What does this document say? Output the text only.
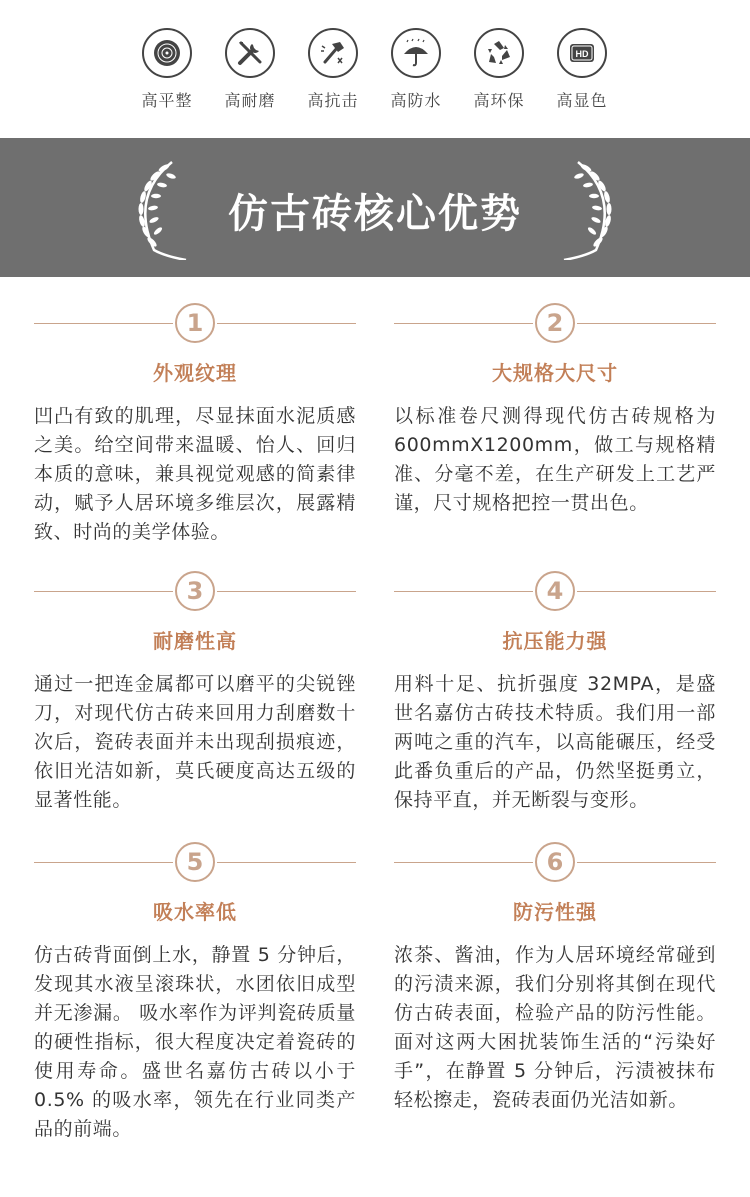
高平整	高耐磨	高抗击	高防水	高环保
HD
高显色
仿古砖核心优势
1
外观纹理
凹凸有致的肌理，尽显抹面水泥质感之美。给空间带来温暖、怡人、回归本质的意味，兼具视觉观感的简素律动，赋予人居环境多维层次，展露精致、时尚的美学体验。
2
大规格大尺寸
以标准卷尺测得现代仿古砖规格为600mmX1200mm，做工与规格精准、分毫不差，在生产研发上工艺严谨，尺寸规格把控一贯出色。
3
耐磨性高
通过一把连金属都可以磨平的尖锐锉刀，对现代仿古砖来回用力刮磨数十次后，瓷砖表面并未出现刮损痕迹，依旧光洁如新，莫氏硬度高达五级的显著性能。
4
抗压能力强
用料十足、抗折强度 32MPA，是盛世名嘉仿古砖技术特质。我们用一部两吨之重的汽车，以高能碾压，经受此番负重后的产品，仍然坚挺勇立，保持平直，并无断裂与变形。
5
吸水率低
仿古砖背面倒上水，静置 5 分钟后，发现其水液呈滚珠状，水团依旧成型并无渗漏。 吸水率作为评判瓷砖质量的硬性指标，很大程度决定着瓷砖的使用寿命。盛世名嘉仿古砖以小于 0.5% 的吸水率，领先在行业同类产品的前端。
6
防污性强
浓茶、酱油，作为人居环境经常碰到的污渍来源，我们分别将其倒在现代仿古砖表面，检验产品的防污性能。面对这两大困扰装饰生活的“污染好手”，在静置 5 分钟后，污渍被抹布轻松擦走，瓷砖表面仍光洁如新。
